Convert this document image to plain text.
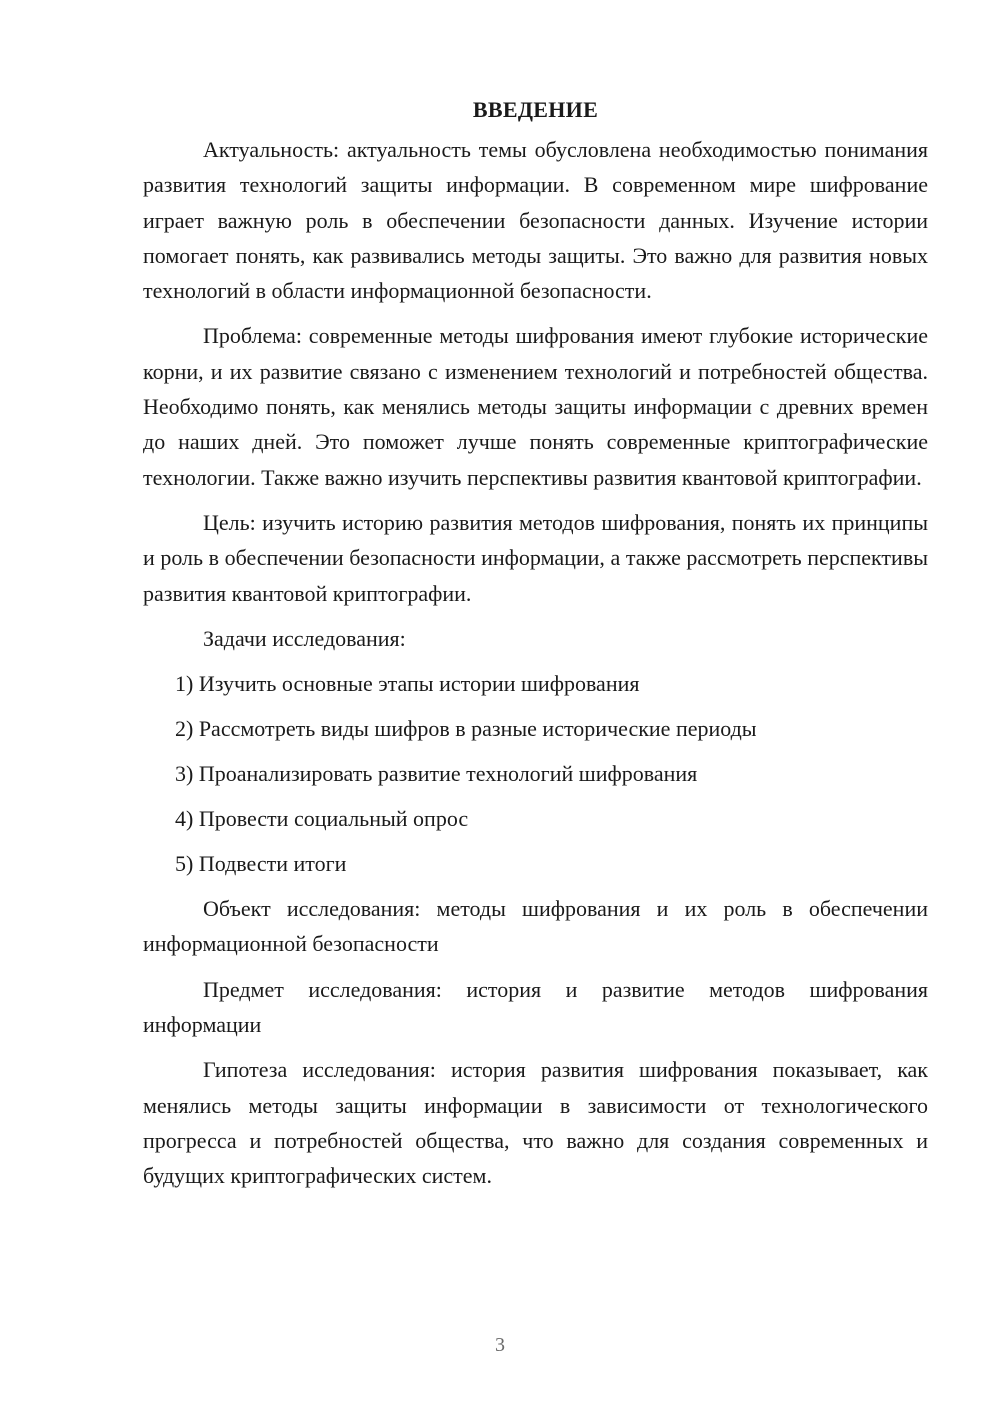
ВВЕДЕНИЕ

Актуальность: актуальность темы обусловлена необходимостью понимания развития технологий защиты информации. В современном мире шифрование играет важную роль в обеспечении безопасности данных. Изучение истории помогает понять, как развивались методы защиты. Это важно для развития новых технологий в области информационной безопасности.

Проблема: современные методы шифрования имеют глубокие исторические корни, и их развитие связано с изменением технологий и потребностей общества. Необходимо понять, как менялись методы защиты информации с древних времен до наших дней. Это поможет лучше понять современные криптографические технологии. Также важно изучить перспективы развития квантовой криптографии.

Цель: изучить историю развития методов шифрования, понять их принципы и роль в обеспечении безопасности информации, а также рассмотреть перспективы развития квантовой криптографии.

Задачи исследования:

1) Изучить основные этапы истории шифрования
2) Рассмотреть виды шифров в разные исторические периоды
3) Проанализировать развитие технологий шифрования
4) Провести социальный опрос
5) Подвести итоги

Объект исследования: методы шифрования и их роль в обеспечении информационной безопасности

Предмет исследования: история и развитие методов шифрования информации

Гипотеза исследования: история развития шифрования показывает, как менялись методы защиты информации в зависимости от технологического прогресса и потребностей общества, что важно для создания современных и будущих криптографических систем.

3
